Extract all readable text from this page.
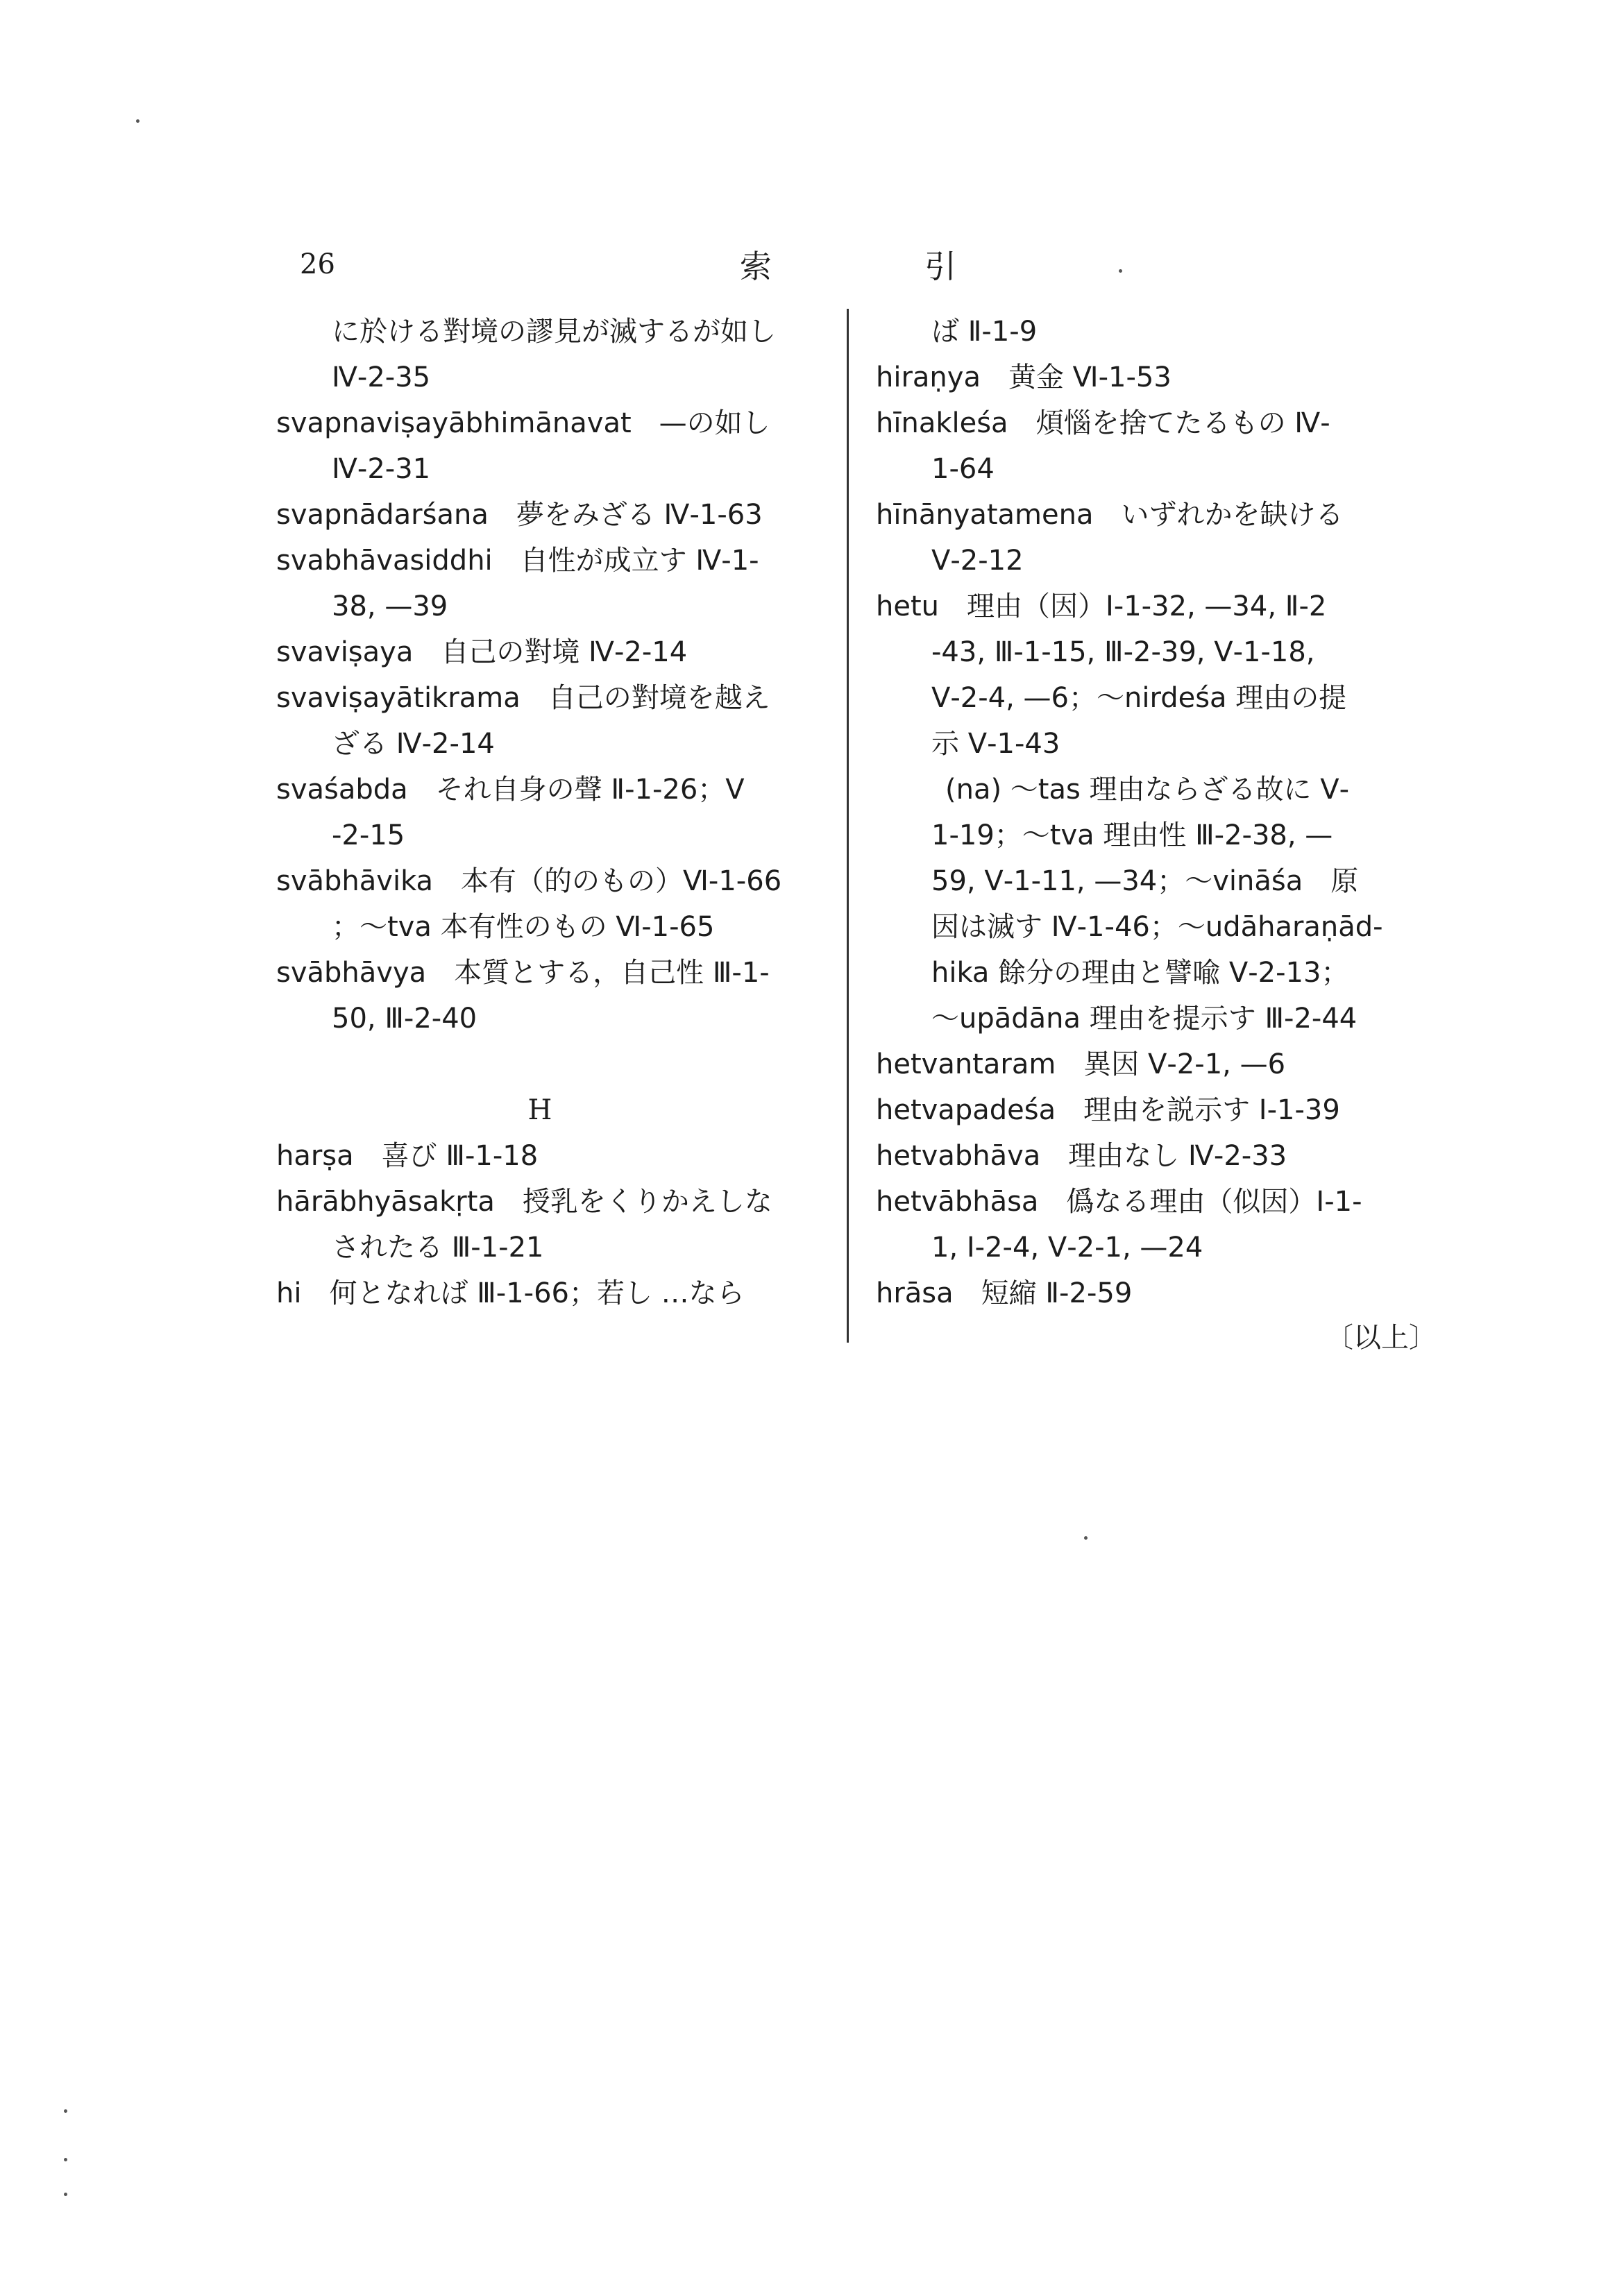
26	索引
に於ける對境の謬見が滅するが如し
Ⅳ-2-35
svapnaviṣayābhimānavat　—の如し
Ⅳ-2-31
svapnādarśana　夢をみざる Ⅳ-1-63
svabhāvasiddhi　自性が成立す Ⅳ-1-
38, —39
svaviṣaya　自己の對境 Ⅳ-2-14
svaviṣayātikrama　自己の對境を越え
ざる Ⅳ-2-14
svaśabda　それ自身の聲 Ⅱ-1-26；Ⅴ
-2-15
svābhāvika　本有（的のもの）Ⅵ-1-66
；～tva 本有性のもの Ⅵ-1-65
svābhāvya　本質とする，自己性 Ⅲ-1-
50, Ⅲ-2-40
H
harṣa　喜び Ⅲ-1-18
hārābhyāsakṛta　授乳をくりかえしな
されたる Ⅲ-1-21
hi　何となれば Ⅲ-1-66；若し …なら
ば Ⅱ-1-9
hiraṇya　黄金 Ⅵ-1-53
hīnakleśa　煩惱を捨てたるもの Ⅳ-
1-64
hīnānyatamena　いずれかを缺ける
Ⅴ-2-12
hetu　理由（因）Ⅰ-1-32, —34, Ⅱ-2
-43, Ⅲ-1-15, Ⅲ-2-39, Ⅴ-1-18,
Ⅴ-2-4, —6；～nirdeśa 理由の提
示 Ⅴ-1-43
(na) ～tas 理由ならざる故に Ⅴ-
1-19；～tva 理由性 Ⅲ-2-38, —
59, Ⅴ-1-11, —34；～vināśa　原
因は滅す Ⅳ-1-46；～udāharaṇād-
hika 餘分の理由と譬喩 Ⅴ-2-13；
～upādāna 理由を提示す Ⅲ-2-44
hetvantaram　異因 Ⅴ-2-1, —6
hetvapadeśa　理由を説示す Ⅰ-1-39
hetvabhāva　理由なし Ⅳ-2-33
hetvābhāsa　僞なる理由（似因）Ⅰ-1-
1, Ⅰ-2-4, Ⅴ-2-1, —24
hrāsa　短縮 Ⅱ-2-59
〔以上〕
